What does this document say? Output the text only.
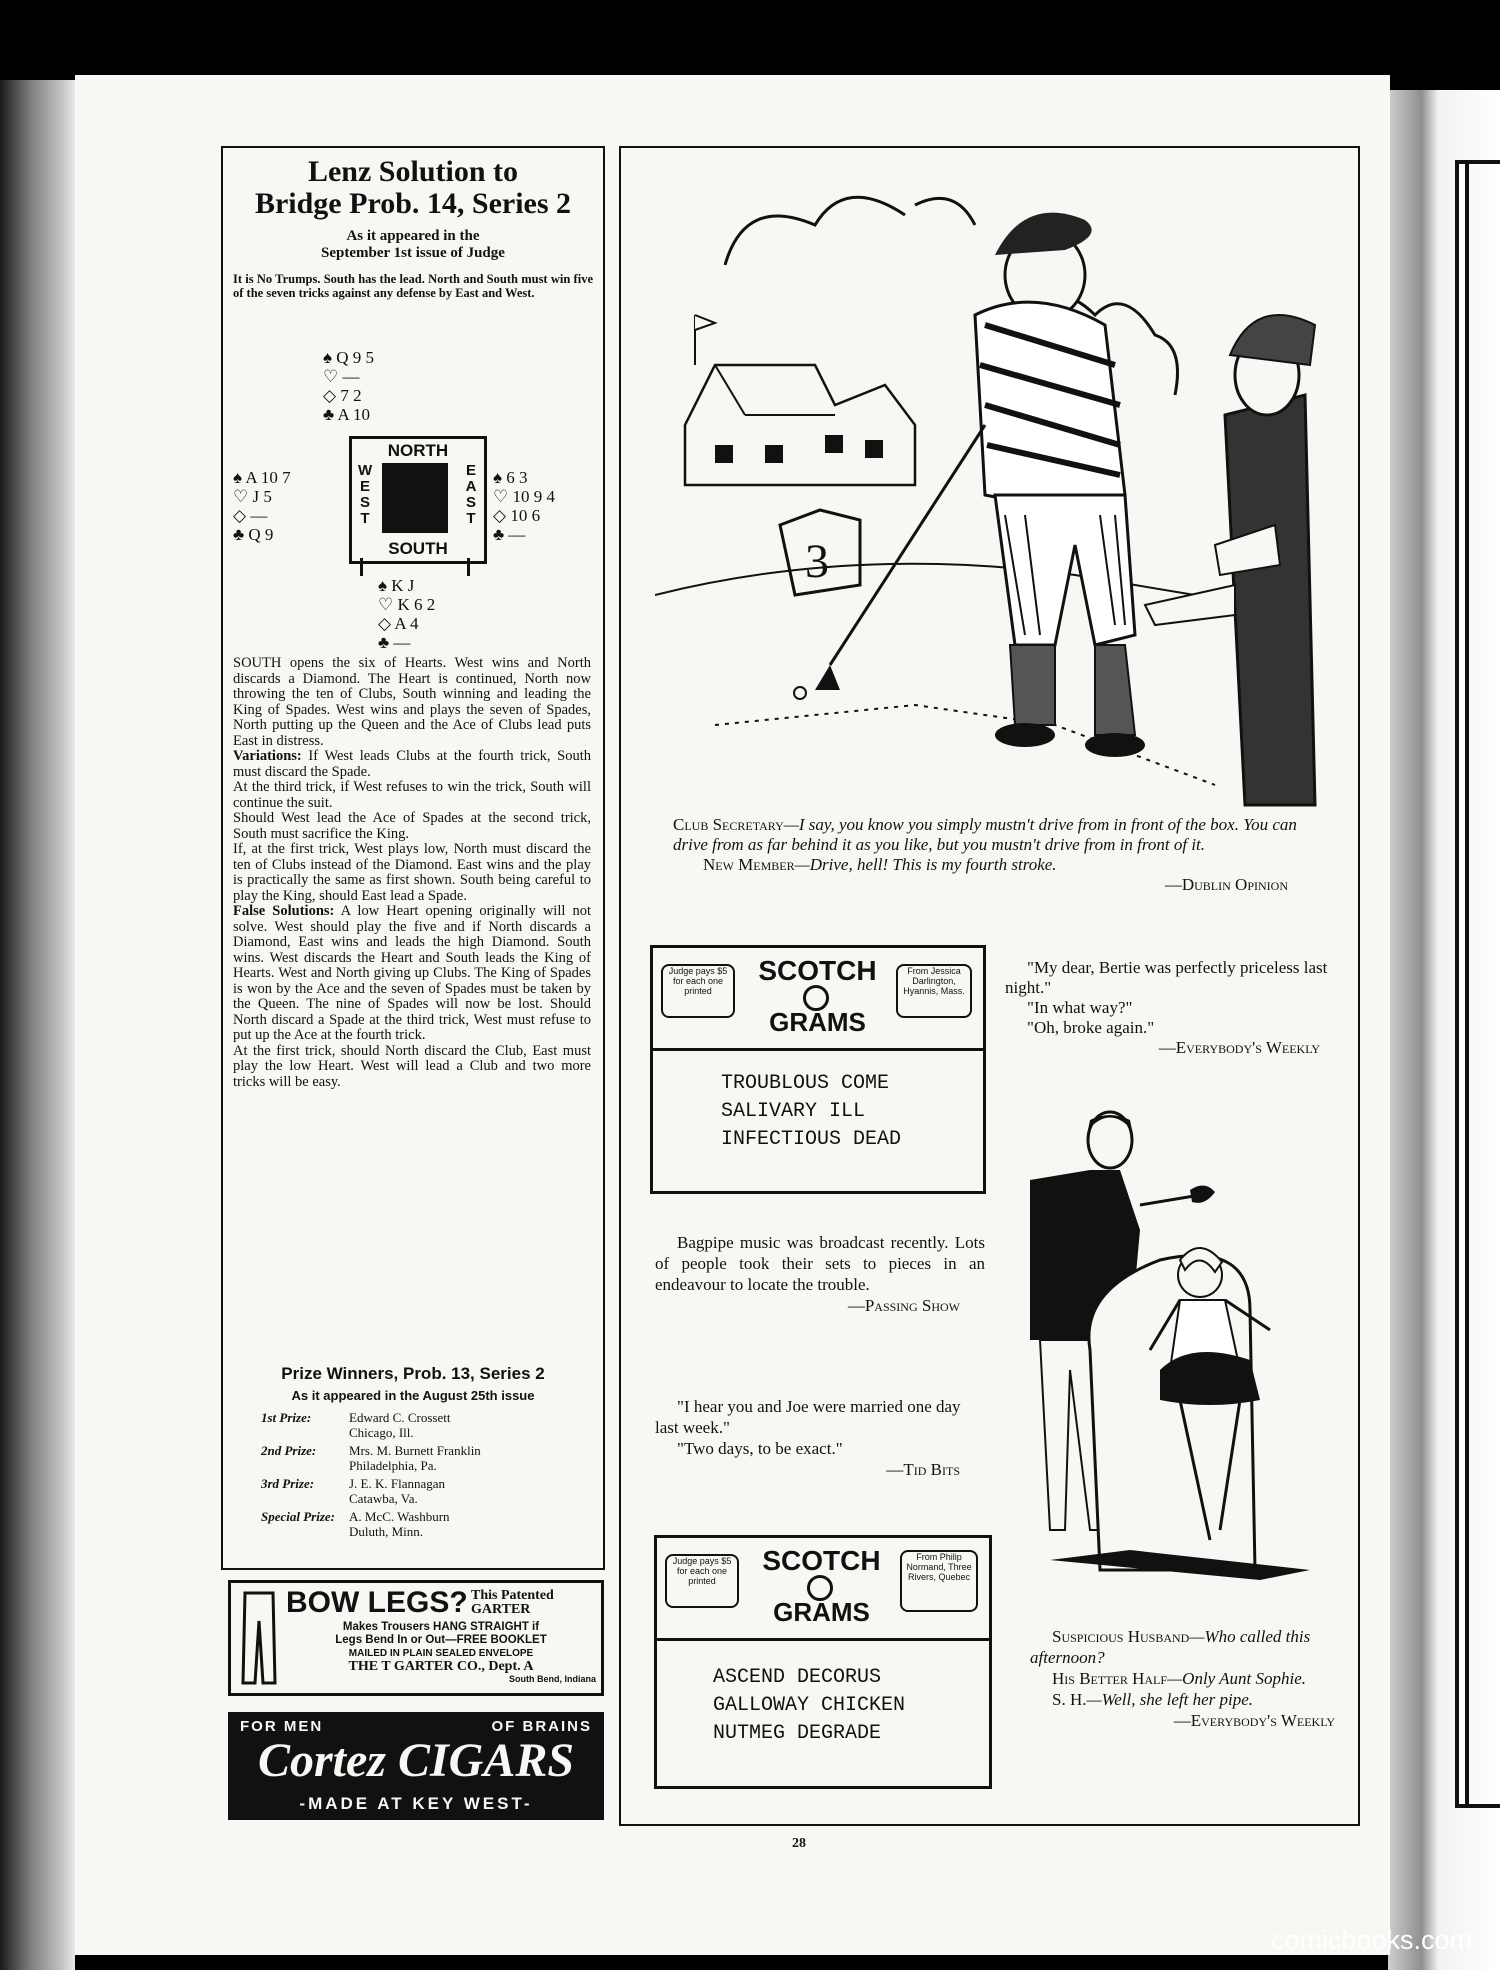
Lenz Solution to
Bridge Prob. 14, Series 2
As it appeared in the
September 1st issue of Judge
It is No Trumps. South has the lead. North and South must win five of the seven tricks against any defense by East and West.
♠ Q 9 5
♡ —
◇ 7 2
♣ A 10
♠ A 10 7
♡ J 5
◇ —
♣ Q 9
♠ 6 3
♡ 10 9 4
◇ 10 6
♣ —
♠ K J
♡ K 6 2
◇ A 4
♣ —
NORTH
SOUTH
WEST
EAST
SOUTH opens the six of Hearts. West wins and North discards a Diamond. The Heart is continued, North now throwing the ten of Clubs, South winning and leading the King of Spades. West wins and plays the seven of Spades, North putting up the Queen and the Ace of Clubs lead puts East in distress.
Variations: If West leads Clubs at the fourth trick, South must discard the Spade.
At the third trick, if West refuses to win the trick, South will continue the suit.
Should West lead the Ace of Spades at the second trick, South must sacrifice the King.
If, at the first trick, West plays low, North must discard the ten of Clubs instead of the Diamond. East wins and the play is practically the same as first shown. South being careful to play the King, should East lead a Spade.
False Solutions: A low Heart opening originally will not solve. West should play the five and if North discards a Diamond, East wins and leads the high Diamond. South wins. West discards the Heart and South leads the King of Hearts. West and North giving up Clubs. The King of Spades is won by the Ace and the seven of Spades must be taken by the Queen. The nine of Spades will now be lost. Should North discard a Spade at the third trick, West must refuse to put up the Ace at the fourth trick.
At the first trick, should North discard the Club, East must play the low Heart. West will lead a Club and two more tricks will be easy.
Prize Winners, Prob. 13, Series 2
As it appeared in the August 25th issue
1st Prize:	Edward C. Crossett
Chicago, Ill.
2nd Prize:	Mrs. M. Burnett Franklin
Philadelphia, Pa.
3rd Prize:	J. E. K. Flannagan
Catawba, Va.
Special Prize:	A. McC. Washburn
Duluth, Minn.
BOW LEGS? This Patented GARTER
Makes Trousers HANG STRAIGHT if
Legs Bend In or Out—FREE BOOKLET
MAILED IN PLAIN SEALED ENVELOPE
THE T GARTER CO., Dept. A
South Bend, Indiana
FOR MEN	OF BRAINS
Cortez CIGARS
-MADE AT KEY WEST-
3
Club Secretary—I say, you know you simply mustn't drive from in front of the box. You can drive from as far behind it as you like, but you mustn't drive from in front of it.
New Member—Drive, hell! This is my fourth stroke.
—Dublin Opinion
Judge pays $5 for each one printed
SCOTCH
GRAMS
From Jessica Darlington, Hyannis, Mass.
TROUBLOUS COME
SALIVARY ILL
INFECTIOUS DEAD
"My dear, Bertie was perfectly priceless last night."
"In what way?"
"Oh, broke again."
—Everybody's Weekly
Bagpipe music was broadcast recently. Lots of people took their sets to pieces in an endeavour to locate the trouble.
—Passing Show
"I hear you and Joe were married one day last week."
"Two days, to be exact."
—Tid Bits
Judge pays $5 for each one printed
SCOTCH
GRAMS
From Philip Normand, Three Rivers, Quebec
ASCEND DECORUS
GALLOWAY CHICKEN
NUTMEG DEGRADE
Suspicious Husband—Who called this afternoon?
His Better Half—Only Aunt Sophie.
S. H.—Well, she left her pipe.
—Everybody's Weekly
28
comicbooks.com
